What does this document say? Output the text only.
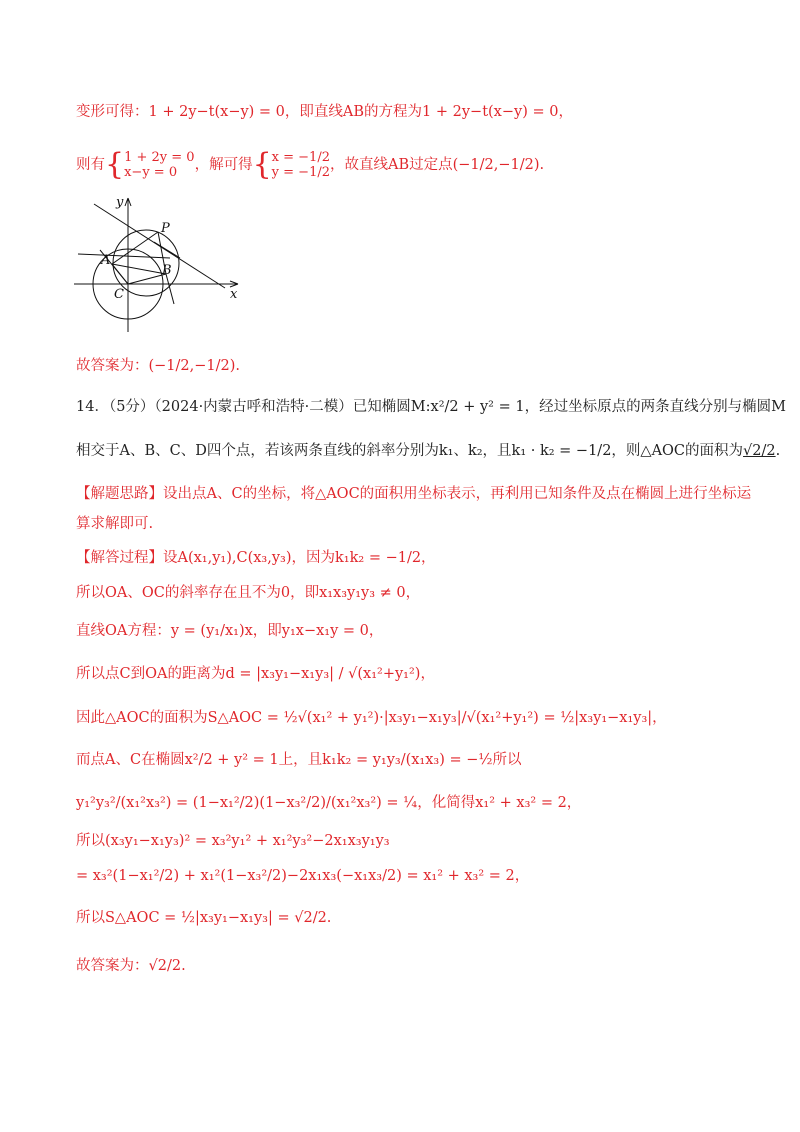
变形可得：1 + 2y−t(x−y) = 0，即直线AB的方程为1 + 2y−t(x−y) = 0，
则有{ 1 + 2y = 0
x−y = 0	，解可得{ x = −1/2
y = −1/2 ，故直线AB过定点(−1/2,−1/2).
y
x
A
P
B
C
故答案为：(−1/2,−1/2).
14．（5分）（2024·内蒙古呼和浩特·二模）已知椭圆M:x²/2 + y² = 1，经过坐标原点的两条直线分别与椭圆M
相交于A、B、C、D四个点，若该两条直线的斜率分别为k₁、k₂，且k₁ · k₂ = −1/2，则△AOC的面积为√2/2.
【解题思路】设出点A、C的坐标，将△AOC的面积用坐标表示，再利用已知条件及点在椭圆上进行坐标运
算求解即可.
【解答过程】设A(x₁,y₁),C(x₃,y₃)，因为k₁k₂ = −1/2，
所以OA、OC的斜率存在且不为0，即x₁x₃y₁y₃ ≠ 0，
直线OA方程：y = (y₁/x₁)x，即y₁x−x₁y = 0，
所以点C到OA的距离为d = |x₃y₁−x₁y₃| / √(x₁²+y₁²)，
因此△AOC的面积为S△AOC = ½√(x₁² + y₁²)·|x₃y₁−x₁y₃|/√(x₁²+y₁²) = ½|x₃y₁−x₁y₃|，
而点A、C在椭圆x²/2 + y² = 1上，且k₁k₂ = y₁y₃/(x₁x₃) = −½所以
y₁²y₃²/(x₁²x₃²) = (1−x₁²/2)(1−x₃²/2)/(x₁²x₃²) = ¼，化简得x₁² + x₃² = 2，
所以(x₃y₁−x₁y₃)² = x₃²y₁² + x₁²y₃²−2x₁x₃y₁y₃
= x₃²(1−x₁²/2) + x₁²(1−x₃²/2)−2x₁x₃(−x₁x₃/2) = x₁² + x₃² = 2，
所以S△AOC = ½|x₃y₁−x₁y₃| = √2/2.
故答案为：√2/2.
